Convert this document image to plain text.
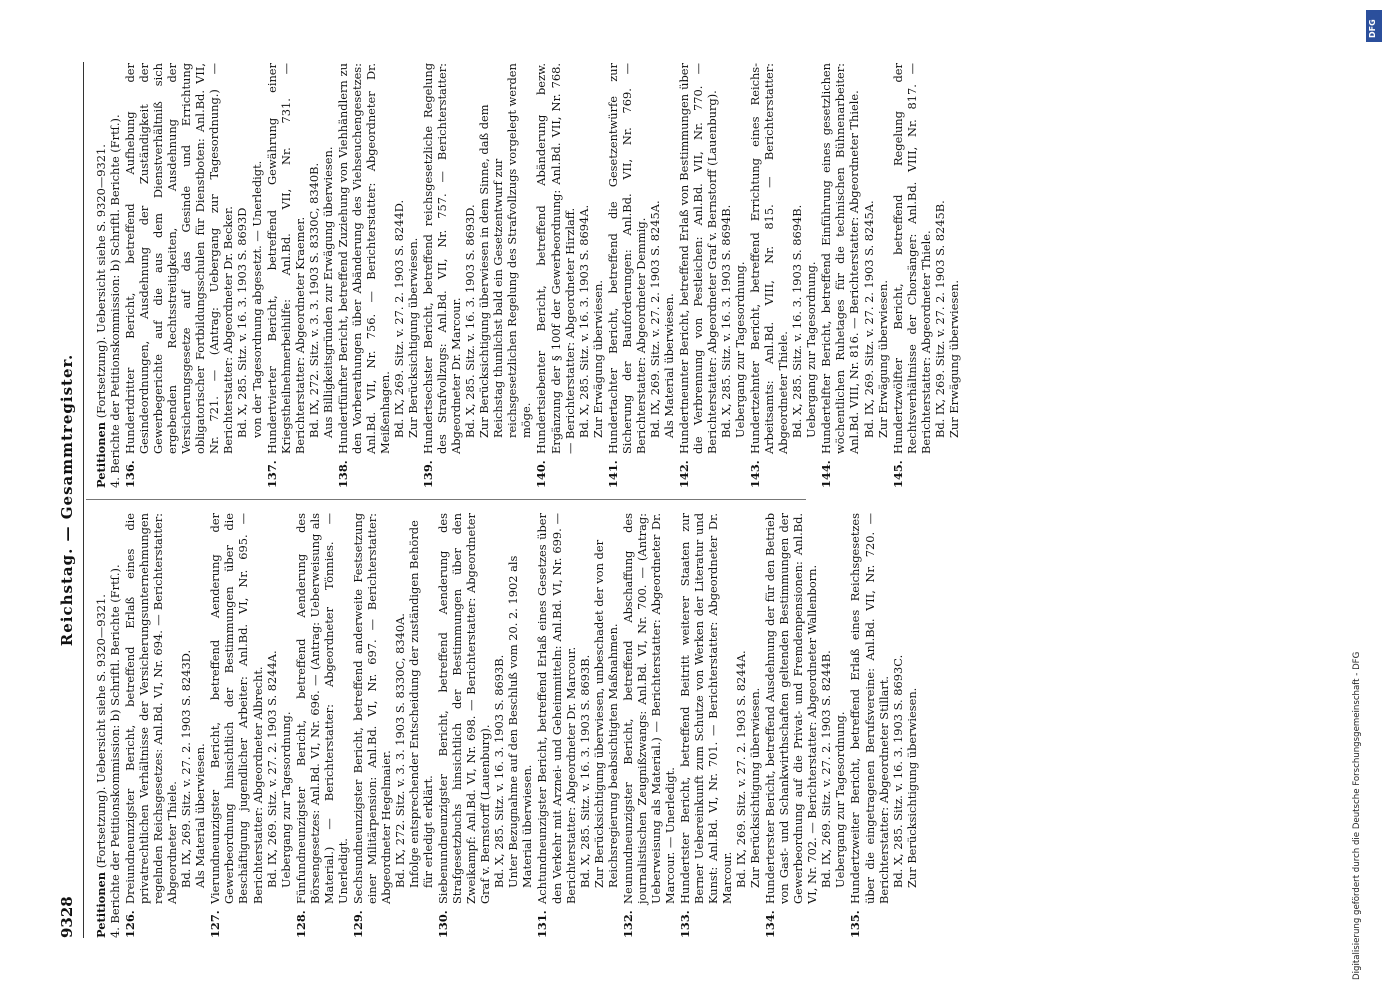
9328
Reichstag. — Gesammtregister.
Petitionen (Fortsetzung). Uebersicht siehe S. 9320—9321. 4. Berichte der Petitionskommission: b) Schriftl. Berichte (Frtſ.). 126.

Dreiundneunzigster Bericht, betreffend Erlaß eines die privatrechtlichen Verhältnisse der Versicherungsunternehmungen regelnden Reichsgesetzes: Anl.Bd. VI, Nr. 694. — Berichterstatter: Abgeordneter Thiele. Bd. IX, 269. Sitz. v. 27. 2. 1903 S. 8243D. Als Material überwiesen.

127.

Vierundneunzigster Bericht, betreffend Aenderung der Gewerbeordnung hinsichtlich der Bestimmungen über die Beschäftigung jugendlicher Arbeiter: Anl.Bd. VI, Nr. 695. — Berichterstatter: Abgeordneter Albrecht. Bd. IX, 269. Sitz. v. 27. 2. 1903 S. 8244A. Uebergang zur Tagesordnung.

128.

Fünfundneunzigster Bericht, betreffend Aenderung des Börsengesetzes: Anl.Bd. VI, Nr. 696. — (Antrag: Ueberweisung als Material.) — Berichterstatter: Abgeordneter Tönnies. — Unerledigt.

129.

Sechsundneunzigster Bericht, betreffend anderweite Festsetzung einer Militärpension: Anl.Bd. VI, Nr. 697. — Berichterstatter: Abgeordneter Hegelmaier. Bd. IX, 272. Sitz. v. 3. 3. 1903 S. 8330C, 8340A. Infolge entsprechender Entscheidung der zuständigen Behörde für erledigt erklärt.

130.

Siebenundneunzigster Bericht, betreffend Aenderung des Strafgesetzbuchs hinsichtlich der Bestimmungen über den Zweikampf: Anl.Bd. VI, Nr. 698. — Berichterstatter: Abgeordneter Graf v. Bernstorff (Lauenburg). Bd. X, 285. Sitz. v. 16. 3. 1903 S. 8693B. Unter Bezugnahme auf den Beschluß vom 20. 2. 1902 als Material überwiesen.

131.

Achtundneunzigster Bericht, betreffend Erlaß eines Gesetzes über den Verkehr mit Arznei- und Geheimmitteln: Anl.Bd. VI, Nr. 699. — Berichterstatter: Abgeordneter Dr. Marcour. Bd. X, 285. Sitz. v. 16. 3. 1903 S. 8693B. Zur Berücksichtigung überwiesen, unbeschadet der von der Reichsregierung beabsichtigten Maßnahmen.

132.

Neunundneunzigster Bericht, betreffend Abschaffung des journalistischen Zeugnißzwangs: Anl.Bd. VI, Nr. 700. — (Antrag: Ueberweisung als Material.) — Berichterstatter: Abgeordneter Dr. Marcour. — Unerledigt.

133.

Hundertster Bericht, betreffend Beitritt weiterer Staaten zur Berner Uebereinkunft zum Schutze von Werken der Literatur und Kunst: Anl.Bd. VI, Nr. 701. — Berichterstatter: Abgeordneter Dr. Marcour. Bd. IX, 269. Sitz. v. 27. 2. 1903 S. 8244A. Zur Berücksichtigung überwiesen.

134.

Hunderterster Bericht, betreffend Ausdehnung der für den Betrieb von Gast- und Schankwirthschaften geltenden Bestimmungen der Gewerbeordnung auf die Privat- und Fremdenpensionen: Anl.Bd. VI, Nr. 702. — Berichterstatter: Abgeordneter Wallenborn. Bd. IX, 269. Sitz. v. 27. 2. 1903 S. 8244B. Uebergang zur Tagesordnung.

135.

Hundertzweiter Bericht, betreffend Erlaß eines Reichsgesetzes über die eingetragenen Berufsvereine: Anl.Bd. VII, Nr. 720. — Berichterstatter: Abgeordneter Stillart. Bd. X, 285. Sitz. v. 16. 3. 1903 S. 8693C. Zur Berücksichtigung überwiesen.

Petitionen (Fortsetzung). Uebersicht siehe S. 9320—9321. 4. Berichte der Petitionskommission: b) Schriftl. Berichte (Frtſ.). 136.

Hundertdritter Bericht, betreffend Aufhebung der Gesindeordnungen, Ausdehnung der Zuständigkeit der Gewerbegerichte auf die aus dem Dienstverhältniß sich ergebenden Rechtsstreitigkeiten, Ausdehnung der Versicherungsgesetze auf das Gesinde und Errichtung obligatorischer Fortbildungsschulen für Dienstboten: Anl.Bd. VII, Nr. 721. — (Antrag: Uebergang zur Tagesordnung.) — Berichterstatter: Abgeordneter Dr. Becker. Bd. X, 285. Sitz. v. 16. 3. 1903 S. 8693D von der Tagesordnung abgesetzt. — Unerledigt.

137.

Hundertvierter Bericht, betreffend Gewährung einer Kriegstheilnehmerbeihilfe: Anl.Bd. VII, Nr. 731. — Berichterstatter: Abgeordneter Kraemer. Bd. IX, 272. Sitz. v. 3. 3. 1903 S. 8330C, 8340B. Aus Billigkeitsgründen zur Erwägung überwiesen.

138.

Hundertfünfter Bericht, betreffend Zuziehung von Viehhändlern zu den Vorberathungen über Abänderung des Viehseuchengesetzes: Anl.Bd. VII, Nr. 756. — Berichterstatter: Abgeordneter Dr. Meißenhagen. Bd. IX, 269. Sitz. v. 27. 2. 1903 S. 8244D. Zur Berücksichtigung überwiesen.

139.

Hundertsechster Bericht, betreffend reichsgesetzliche Regelung des Strafvollzugs: Anl.Bd. VII, Nr. 757. — Berichterstatter: Abgeordneter Dr. Marcour. Bd. X, 285. Sitz. v. 16. 3. 1903 S. 8693D. Zur Berücksichtigung überwiesen in dem Sinne, daß dem Reichstag thunlichst bald ein Gesetzentwurf zur reichsgesetzlichen Regelung des Strafvollzugs vorgelegt werden möge.

140.

Hundertsiebenter Bericht, betreffend Abänderung bezw. Ergänzung der § 100f der Gewerbeordnung: Anl.Bd. VII, Nr. 768. — Berichterstatter: Abgeordneter Hirzlaff. Bd. X, 285. Sitz. v. 16. 3. 1903 S. 8694A. Zur Erwägung überwiesen.

141.

Hundertachter Bericht, betreffend die Gesetzentwürfe zur Sicherung der Bauforderungen: Anl.Bd. VII, Nr. 769. — Berichterstatter: Abgeordneter Demmig. Bd. IX, 269. Sitz. v. 27. 2. 1903 S. 8245A. Als Material überwiesen.

142.

Hundertneunter Bericht, betreffend Erlaß von Bestimmungen über die Verbrennung von Pestleichen: Anl.Bd. VII, Nr. 770. — Berichterstatter: Abgeordneter Graf v. Bernstorff (Lauenburg). Bd. X, 285. Sitz. v. 16. 3. 1903 S. 8694B. Uebergang zur Tagesordnung.

143.

Hundertzehnter Bericht, betreffend Errichtung eines Reichs-Arbeitsamts: Anl.Bd. VIII, Nr. 815. — Berichterstatter: Abgeordneter Thiele. Bd. X, 285. Sitz. v. 16. 3. 1903 S. 8694B. Uebergang zur Tagesordnung.

144.

Hundertelfter Bericht, betreffend Einführung eines gesetzlichen wöchentlichen Ruhetages für die technischen Bühnenarbeiter: Anl.Bd. VIII, Nr. 816. — Berichterstatter: Abgeordneter Thiele. Bd. IX, 269. Sitz. v. 27. 2. 1903 S. 8245A. Zur Erwägung überwiesen.

145.

Hundertzwölfter Bericht, betreffend Regelung der Rechtsverhältnisse der Chorsänger: Anl.Bd. VIII, Nr. 817. — Berichterstatter: Abgeordneter Thiele. Bd. IX, 269. Sitz. v. 27. 2. 1903 S. 8245B. Zur Erwägung überwiesen.

Digitalisierung gefördert durch die Deutsche Forschungsgemeinschaft - DFG
DFG
